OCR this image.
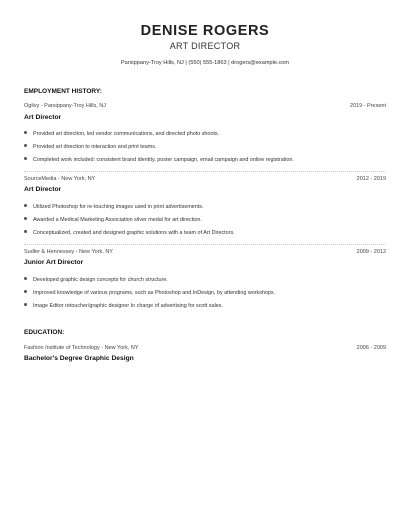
DENISE ROGERS
ART DIRECTOR
Parsippany-Troy Hills, NJ | (550) 555-1863 | drogers@example.com
EMPLOYMENT HISTORY:
Ogilvy - Parsippany-Troy Hills, NJ	2019 - Present
Art Director
Provided art direction, led vendor communications, and directed photo shoots.
Provided art direction to interaction and print teams.
Completed work included: consistent brand identity, poster campaign, email campaign and online registration.
SourceMedia - New York, NY	2012 - 2019
Art Director
Utilized Photoshop for re-touching images used in print advertisements.
Awarded a Medical Marketing Association silver medal for art direction.
Conceptualized, created and designed graphic solutions with a team of Art Directors.
Sudler & Hennessey - New York, NY	2009 - 2012
Junior Art Director
Developed graphic design concepts for church structure.
Improved knowledge of various programs, such as Photoshop and InDesign, by attending workshops.
Image Editor retoucher/graphic designer In charge of advertising for scott sales.
EDUCATION:
Fashion Institute of Technology - New York, NY	2006 - 2009
Bachelor's Degree Graphic Design
